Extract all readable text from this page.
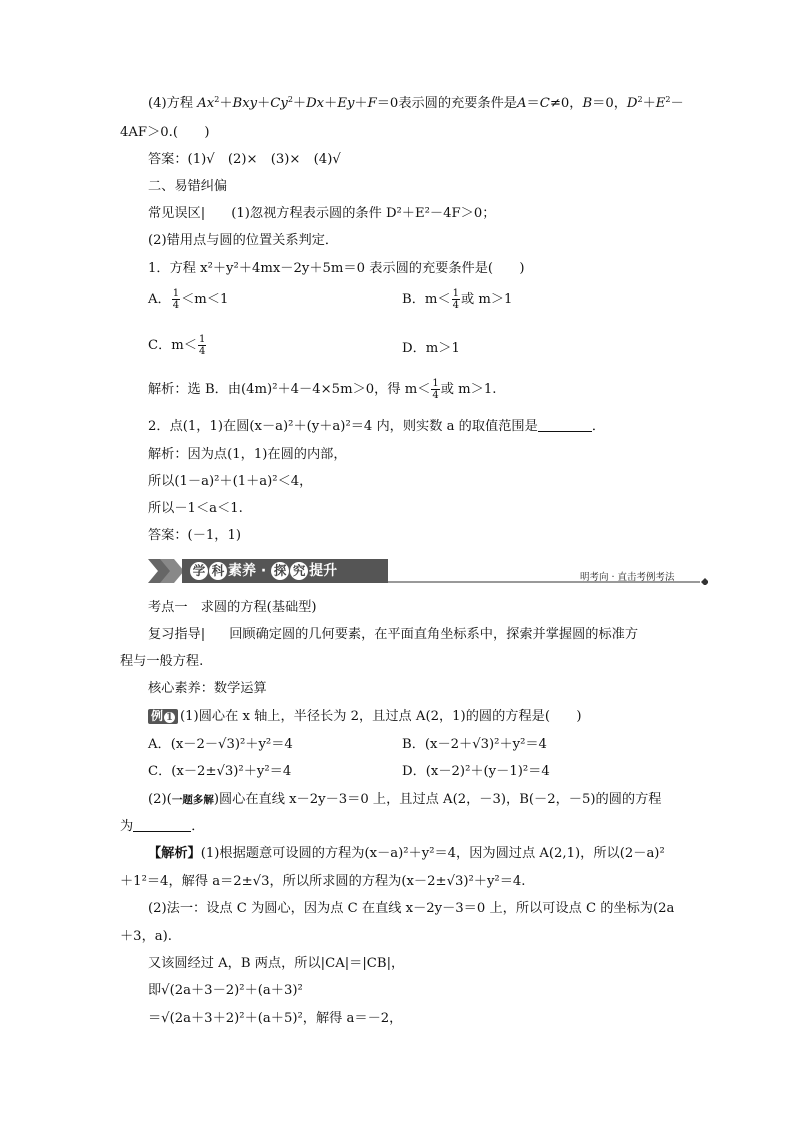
(4)方程 $Ax^2+Bxy+Cy^2+Dx+Ey+F=0$表示圆的充要条件是A＝C≠0，B＝0，$D^2+E^2-$
4AF＞0.(　　)
答案：(1)√　(2)×　(3)×　(4)√
二、易错纠偏
常见误区| (1)忽视方程表示圆的条件 D²＋E²－4F＞0；
(2)错用点与圆的位置关系判定．
1．方程 x²＋y²＋4mx－2y＋5m＝0 表示圆的充要条件是(　　)
A． $\frac{1}{4} <m<1$	B．$m< \frac{1}{4}$ 或 m＞1
C．$m< \frac{1}{4}$	D．m＞1
解析：选 B．由(4m)²＋4－4×5m＞0，得 $m< \frac{1}{4}$ 或 m＞1.
2．点(1，1)在圆(x－a)²＋(y＋a)²＝4 内，则实数 a 的取值范围是	．
解析：因为点(1，1)在圆的内部，
所以(1－a)²＋(1＋a)²＜4，
所以－1＜a＜1.
答案：(－1，1)
学 科 素养 · 探 究 提升	明考向 · 直击考例考法
考点一　求圆的方程(基础型)
复习指导| 回顾确定圆的几何要素，在平面直角坐标系中，探索并掌握圆的标准方
程与一般方程.
核心素养：数学运算
例 1 (1)圆心在 x 轴上，半径长为 2，且过点 A(2，1)的圆的方程是(　　)
A．(x－2－√3)²＋y²＝4	B．(x－2＋√3)²＋y²＝4
C．(x－2±√3)²＋y²＝4	D．(x－2)²＋(y－1)²＝4
(2)(一题多解)圆心在直线 x－2y－3＝0 上，且过点 A(2，－3)，B(－2，－5)的圆的方程
为	．
【解析】(1)根据题意可设圆的方程为(x－a)²＋y²＝4，因为圆过点 A(2,1)，所以(2－a)²
＋1²＝4，解得 a＝2±√3，所以所求圆的方程为(x－2±√3)²＋y²＝4.
(2)法一：设点 C 为圆心，因为点 C 在直线 x－2y－3＝0 上，所以可设点 C 的坐标为(2a
＋3，a).
又该圆经过 A，B 两点，所以|CA|＝|CB|，
即√(2a＋3－2)²＋(a＋3)²
＝√(2a＋3＋2)²＋(a＋5)²，解得 a＝－2，
